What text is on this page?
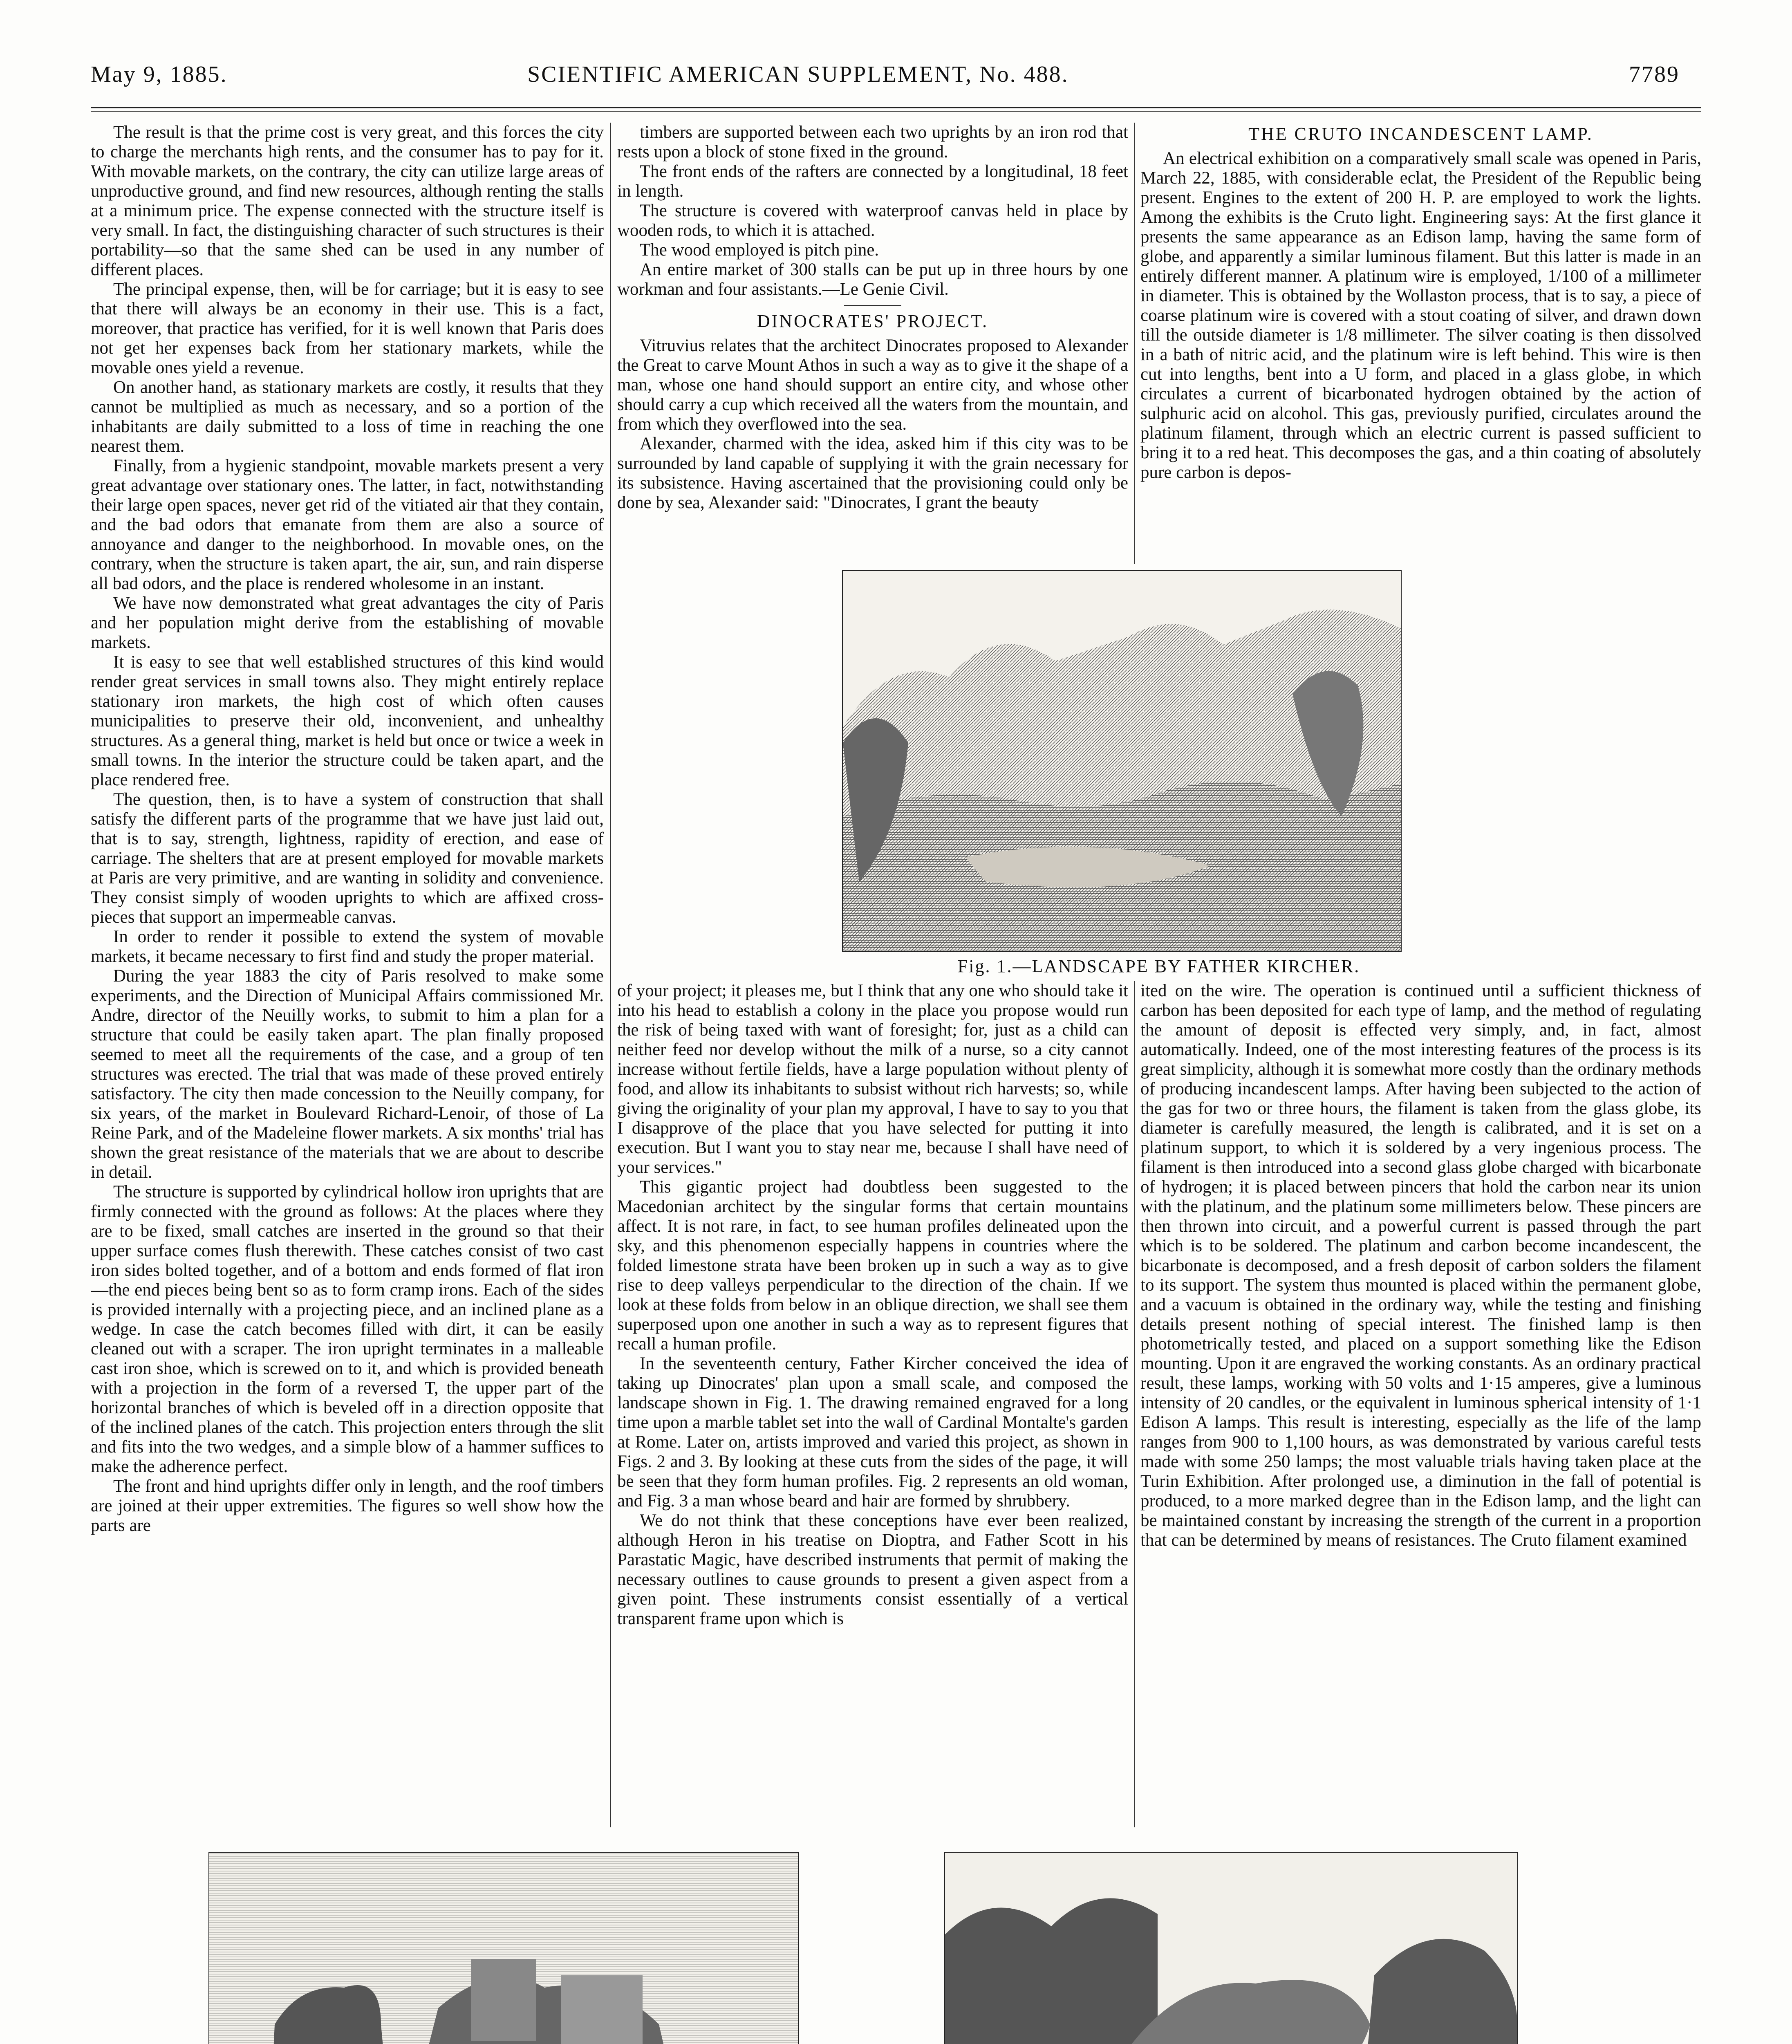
May 9, 1885.	SCIENTIFIC AMERICAN SUPPLEMENT, No. 488.	7789

The result is that the prime cost is very great, and this forces the city to charge the merchants high rents, and the consumer has to pay for it. With movable markets, on the contrary, the city can utilize large areas of unproductive ground, and find new resources, although renting the stalls at a minimum price. The expense connected with the structure itself is very small. In fact, the distinguishing character of such structures is their portability—so that the same shed can be used in any number of different places.

The principal expense, then, will be for carriage; but it is easy to see that there will always be an economy in their use. This is a fact, moreover, that practice has verified, for it is well known that Paris does not get her expenses back from her stationary markets, while the movable ones yield a revenue.

On another hand, as stationary markets are costly, it results that they cannot be multiplied as much as necessary, and so a portion of the inhabitants are daily submitted to a loss of time in reaching the one nearest them.

Finally, from a hygienic standpoint, movable markets present a very great advantage over stationary ones. The latter, in fact, notwithstanding their large open spaces, never get rid of the vitiated air that they contain, and the bad odors that emanate from them are also a source of annoyance and danger to the neighborhood. In movable ones, on the contrary, when the structure is taken apart, the air, sun, and rain disperse all bad odors, and the place is rendered wholesome in an instant.

We have now demonstrated what great advantages the city of Paris and her population might derive from the establishing of movable markets.

It is easy to see that well established structures of this kind would render great services in small towns also. They might entirely replace stationary iron markets, the high cost of which often causes municipalities to preserve their old, inconvenient, and unhealthy structures. As a general thing, market is held but once or twice a week in small towns. In the interior the structure could be taken apart, and the place rendered free.

The question, then, is to have a system of construction that shall satisfy the different parts of the programme that we have just laid out, that is to say, strength, lightness, rapidity of erection, and ease of carriage. The shelters that are at present employed for movable markets at Paris are very primitive, and are wanting in solidity and convenience. They consist simply of wooden uprights to which are affixed cross-pieces that support an impermeable canvas.

In order to render it possible to extend the system of movable markets, it became necessary to first find and study the proper material.

During the year 1883 the city of Paris resolved to make some experiments, and the Direction of Municipal Affairs commissioned Mr. Andre, director of the Neuilly works, to submit to him a plan for a structure that could be easily taken apart. The plan finally proposed seemed to meet all the requirements of the case, and a group of ten structures was erected. The trial that was made of these proved entirely satisfactory. The city then made concession to the Neuilly company, for six years, of the market in Boulevard Richard-Lenoir, of those of La Reine Park, and of the Madeleine flower markets. A six months' trial has shown the great resistance of the materials that we are about to describe in detail.

The structure is supported by cylindrical hollow iron uprights that are firmly connected with the ground as follows: At the places where they are to be fixed, small catches are inserted in the ground so that their upper surface comes flush therewith. These catches consist of two cast iron sides bolted together, and of a bottom and ends formed of flat iron—the end pieces being bent so as to form cramp irons. Each of the sides is provided internally with a projecting piece, and an inclined plane as a wedge. In case the catch becomes filled with dirt, it can be easily cleaned out with a scraper. The iron upright terminates in a malleable cast iron shoe, which is screwed on to it, and which is provided beneath with a projection in the form of a reversed T, the upper part of the horizontal branches of which is beveled off in a direction opposite that of the inclined planes of the catch. This projection enters through the slit and fits into the two wedges, and a simple blow of a hammer suffices to make the adherence perfect.

The front and hind uprights differ only in length, and the roof timbers are joined at their upper extremities. The figures so well show how the parts are

timbers are supported between each two uprights by an iron rod that rests upon a block of stone fixed in the ground.

The front ends of the rafters are connected by a longitudinal, 18 feet in length.

The structure is covered with waterproof canvas held in place by wooden rods, to which it is attached.

The wood employed is pitch pine.

An entire market of 300 stalls can be put up in three hours by one workman and four assistants.—Le Genie Civil.

DINOCRATES' PROJECT.

Vitruvius relates that the architect Dinocrates proposed to Alexander the Great to carve Mount Athos in such a way as to give it the shape of a man, whose one hand should support an entire city, and whose other should carry a cup which received all the waters from the mountain, and from which they overflowed into the sea.

Alexander, charmed with the idea, asked him if this city was to be surrounded by land capable of supplying it with the grain necessary for its subsistence. Having ascertained that the provisioning could only be done by sea, Alexander said: "Dinocrates, I grant the beauty

THE CRUTO INCANDESCENT LAMP.

An electrical exhibition on a comparatively small scale was opened in Paris, March 22, 1885, with considerable eclat, the President of the Republic being present. Engines to the extent of 200 H. P. are employed to work the lights. Among the exhibits is the Cruto light. Engineering says: At the first glance it presents the same appearance as an Edison lamp, having the same form of globe, and apparently a similar luminous filament. But this latter is made in an entirely different manner. A platinum wire is employed, 1/100 of a millimeter in diameter. This is obtained by the Wollaston process, that is to say, a piece of coarse platinum wire is covered with a stout coating of silver, and drawn down till the outside diameter is 1/8 millimeter. The silver coating is then dissolved in a bath of nitric acid, and the platinum wire is left behind. This wire is then cut into lengths, bent into a U form, and placed in a glass globe, in which circulates a current of bicarbonated hydrogen obtained by the action of sulphuric acid on alcohol. This gas, previously purified, circulates around the platinum filament, through which an electric current is passed sufficient to bring it to a red heat. This decomposes the gas, and a thin coating of absolutely pure carbon is depos-

Fig. 1.—LANDSCAPE BY FATHER KIRCHER.

of your project; it pleases me, but I think that any one who should take it into his head to establish a colony in the place you propose would run the risk of being taxed with want of foresight; for, just as a child can neither feed nor develop without the milk of a nurse, so a city cannot increase without fertile fields, have a large population without plenty of food, and allow its inhabitants to subsist without rich harvests; so, while giving the originality of your plan my approval, I have to say to you that I disapprove of the place that you have selected for putting it into execution. But I want you to stay near me, because I shall have need of your services."

This gigantic project had doubtless been suggested to the Macedonian architect by the singular forms that certain mountains affect. It is not rare, in fact, to see human profiles delineated upon the sky, and this phenomenon especially happens in countries where the folded limestone strata have been broken up in such a way as to give rise to deep valleys perpendicular to the direction of the chain. If we look at these folds from below in an oblique direction, we shall see them superposed upon one another in such a way as to represent figures that recall a human profile.

In the seventeenth century, Father Kircher conceived the idea of taking up Dinocrates' plan upon a small scale, and composed the landscape shown in Fig. 1. The drawing remained engraved for a long time upon a marble tablet set into the wall of Cardinal Montalte's garden at Rome. Later on, artists improved and varied this project, as shown in Figs. 2 and 3. By looking at these cuts from the sides of the page, it will be seen that they form human profiles. Fig. 2 represents an old woman, and Fig. 3 a man whose beard and hair are formed by shrubbery.

We do not think that these conceptions have ever been realized, although Heron in his treatise on Dioptra, and Father Scott in his Parastatic Magic, have described instruments that permit of making the necessary outlines to cause grounds to present a given aspect from a given point. These instruments consist essentially of a vertical transparent frame upon which is

ited on the wire. The operation is continued until a sufficient thickness of carbon has been deposited for each type of lamp, and the method of regulating the amount of deposit is effected very simply, and, in fact, almost automatically. Indeed, one of the most interesting features of the process is its great simplicity, although it is somewhat more costly than the ordinary methods of producing incandescent lamps. After having been subjected to the action of the gas for two or three hours, the filament is taken from the glass globe, its diameter is carefully measured, the length is calibrated, and it is set on a platinum support, to which it is soldered by a very ingenious process. The filament is then introduced into a second glass globe charged with bicarbonate of hydrogen; it is placed between pincers that hold the carbon near its union with the platinum, and the platinum some millimeters below. These pincers are then thrown into circuit, and a powerful current is passed through the part which is to be soldered. The platinum and carbon become incandescent, the bicarbonate is decomposed, and a fresh deposit of carbon solders the filament to its support. The system thus mounted is placed within the permanent globe, and a vacuum is obtained in the ordinary way, while the testing and finishing details present nothing of special interest. The finished lamp is then photometrically tested, and placed on a support something like the Edison mounting. Upon it are engraved the working constants. As an ordinary practical result, these lamps, working with 50 volts and 1·15 amperes, give a luminous intensity of 20 candles, or the equivalent in luminous spherical intensity of 1·1 Edison A lamps. This result is interesting, especially as the life of the lamp ranges from 900 to 1,100 hours, as was demonstrated by various careful tests made with some 250 lamps; the most valuable trials having taken place at the Turin Exhibition. After prolonged use, a diminution in the fall of potential is produced, to a more marked degree than in the Edison lamp, and the light can be maintained constant by increasing the strength of the current in a proportion that can be determined by means of resistances. The Cruto filament examined
